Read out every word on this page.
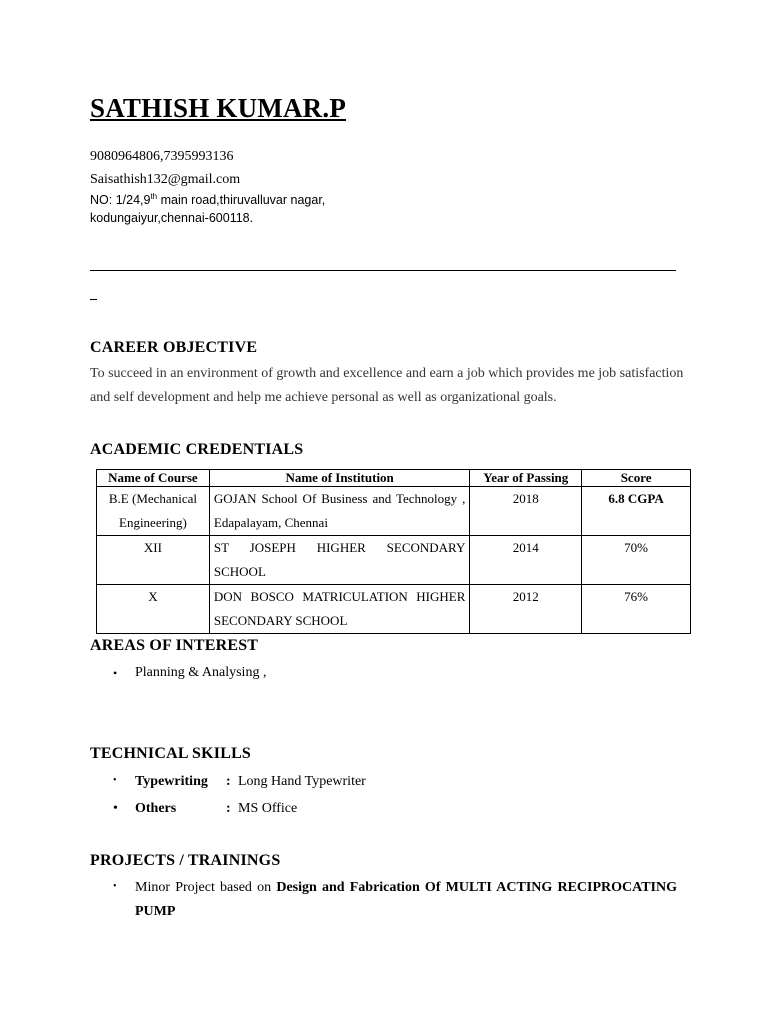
SATHISH KUMAR.P
9080964806,7395993136
Saisathish132@gmail.com
NO: 1/24,9th main road,thiruvalluvar nagar,
kodungaiyur,chennai-600118.
CAREER OBJECTIVE
To succeed in an environment of growth and excellence and earn a job which provides me job satisfaction and self development and help me achieve personal as well as organizational goals.
ACADEMIC CREDENTIALS
Name of Course	Name of Institution	Year of Passing	Score
B.E (Mechanical Engineering)	GOJAN School Of Business and Technology , Edapalayam, Chennai	2018	6.8 CGPA
XII	ST JOSEPH HIGHER SECONDARY SCHOOL	2014	70%
X	DON BOSCO MATRICULATION HIGHER SECONDARY SCHOOL	2012	76%
AREAS OF INTEREST
• Planning & Analysing ,
TECHNICAL SKILLS
• Typewriting : Long Hand Typewriter
• Others	: MS Office
PROJECTS / TRAININGS
• Minor Project based on Design and Fabrication Of MULTI ACTING RECIPROCATING PUMP
